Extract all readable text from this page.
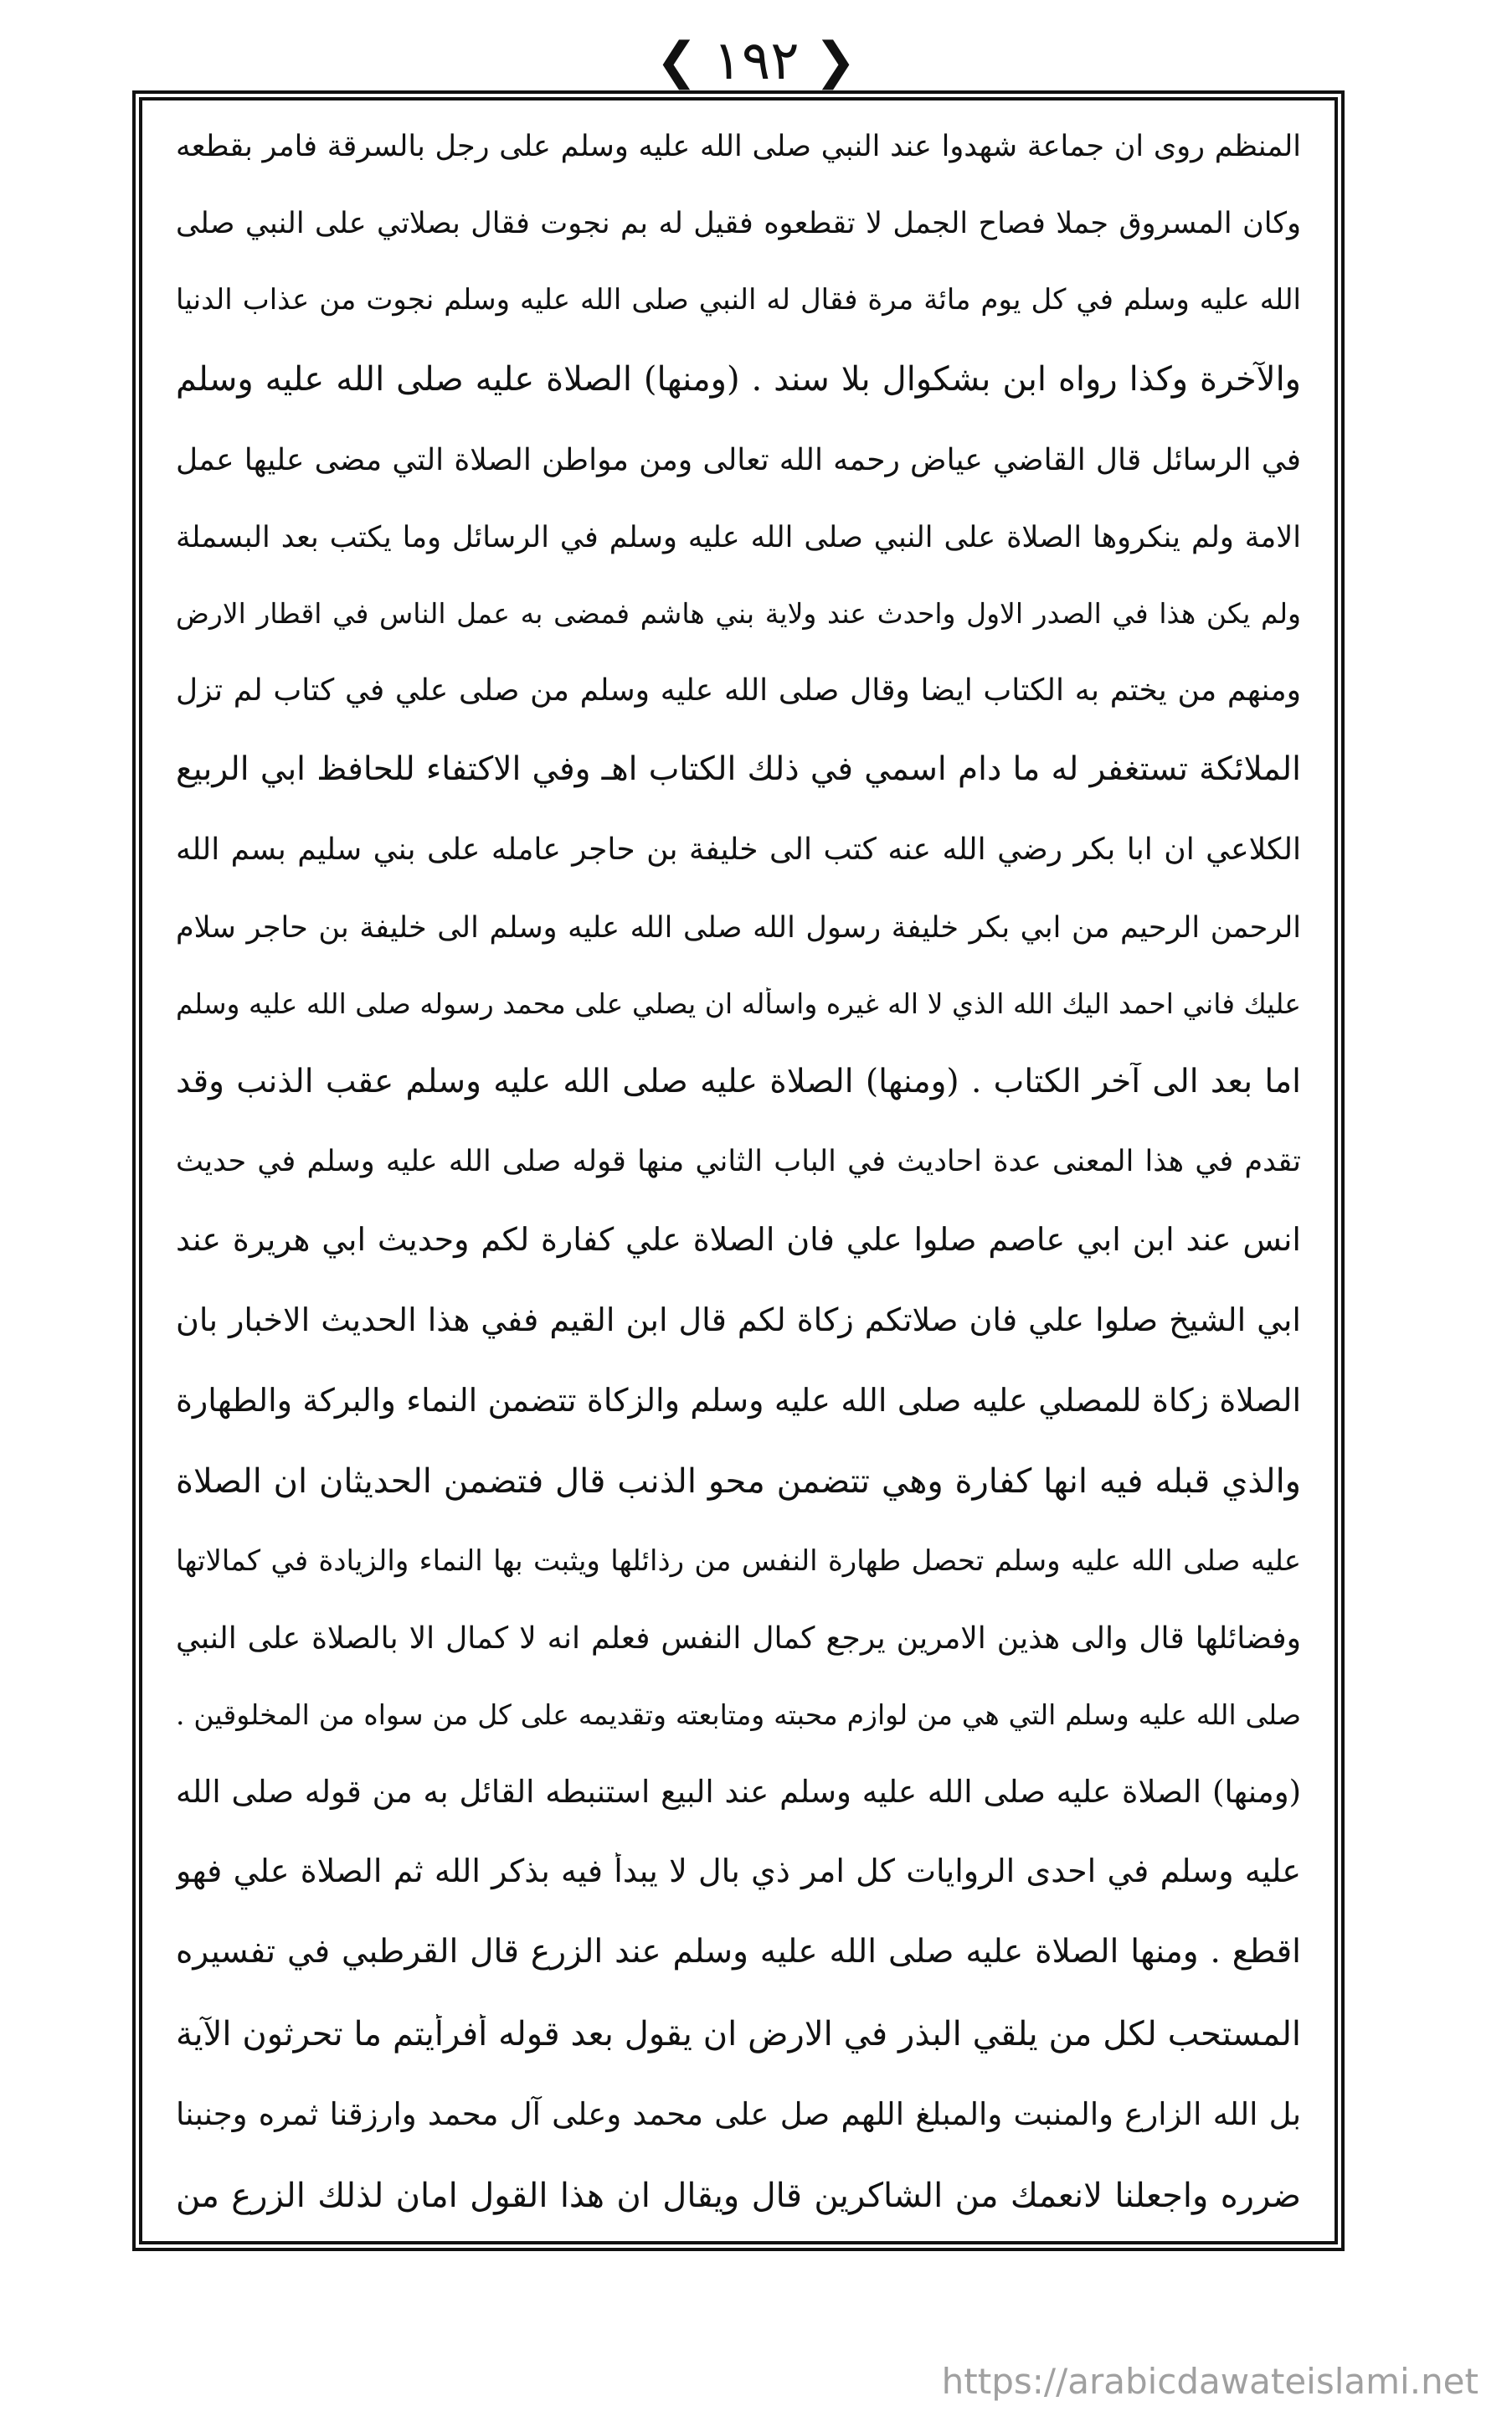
❮ ١٩٢ ❯
المنظم روى ان جماعة شهدوا عند النبي صلى الله عليه وسلم على رجل بالسرقة فامر بقطعه
وكان المسروق جملا فصاح الجمل لا تقطعوه فقيل له بم نجوت فقال بصلاتي على النبي صلى
الله عليه وسلم في كل يوم مائة مرة فقال له النبي صلى الله عليه وسلم نجوت من عذاب الدنيا
والآخرة وكذا رواه ابن بشكوال بلا سند . (ومنها) الصلاة عليه صلى الله عليه وسلم
في الرسائل قال القاضي عياض رحمه الله تعالى ومن مواطن الصلاة التي مضى عليها عمل
الامة ولم ينكروها الصلاة على النبي صلى الله عليه وسلم في الرسائل وما يكتب بعد البسملة
ولم يكن هذا في الصدر الاول واحدث عند ولاية بني هاشم فمضى به عمل الناس في اقطار الارض
ومنهم من يختم به الكتاب ايضا وقال صلى الله عليه وسلم من صلى علي في كتاب لم تزل
الملائكة تستغفر له ما دام اسمي في ذلك الكتاب اهـ وفي الاكتفاء للحافظ ابي الربيع
الكلاعي ان ابا بكر رضي الله عنه كتب الى خليفة بن حاجر عامله على بني سليم بسم الله
الرحمن الرحيم من ابي بكر خليفة رسول الله صلى الله عليه وسلم الى خليفة بن حاجر سلام
عليك فاني احمد اليك الله الذي لا اله غيره واسأله ان يصلي على محمد رسوله صلى الله عليه وسلم
اما بعد الى آخر الكتاب . (ومنها) الصلاة عليه صلى الله عليه وسلم عقب الذنب وقد
تقدم في هذا المعنى عدة احاديث في الباب الثاني منها قوله صلى الله عليه وسلم في حديث
انس عند ابن ابي عاصم صلوا علي فان الصلاة علي كفارة لكم وحديث ابي هريرة عند
ابي الشيخ صلوا علي فان صلاتكم زكاة لكم قال ابن القيم ففي هذا الحديث الاخبار بان
الصلاة زكاة للمصلي عليه صلى الله عليه وسلم والزكاة تتضمن النماء والبركة والطهارة
والذي قبله فيه انها كفارة وهي تتضمن محو الذنب قال فتضمن الحديثان ان الصلاة
عليه صلى الله عليه وسلم تحصل طهارة النفس من رذائلها ويثبت بها النماء والزيادة في كمالاتها
وفضائلها قال والى هذين الامرين يرجع كمال النفس فعلم انه لا كمال الا بالصلاة على النبي
صلى الله عليه وسلم التي هي من لوازم محبته ومتابعته وتقديمه على كل من سواه من المخلوقين .
(ومنها) الصلاة عليه صلى الله عليه وسلم عند البيع استنبطه القائل به من قوله صلى الله
عليه وسلم في احدى الروايات كل امر ذي بال لا يبدأ فيه بذكر الله ثم الصلاة علي فهو
اقطع . ومنها الصلاة عليه صلى الله عليه وسلم عند الزرع قال القرطبي في تفسيره
المستحب لكل من يلقي البذر في الارض ان يقول بعد قوله أفرأيتم ما تحرثون الآية
بل الله الزارع والمنبت والمبلغ اللهم صل على محمد وعلى آل محمد وارزقنا ثمره وجنبنا
ضرره واجعلنا لانعمك من الشاكرين قال ويقال ان هذا القول امان لذلك الزرع من
https://arabicdawateislami.net
